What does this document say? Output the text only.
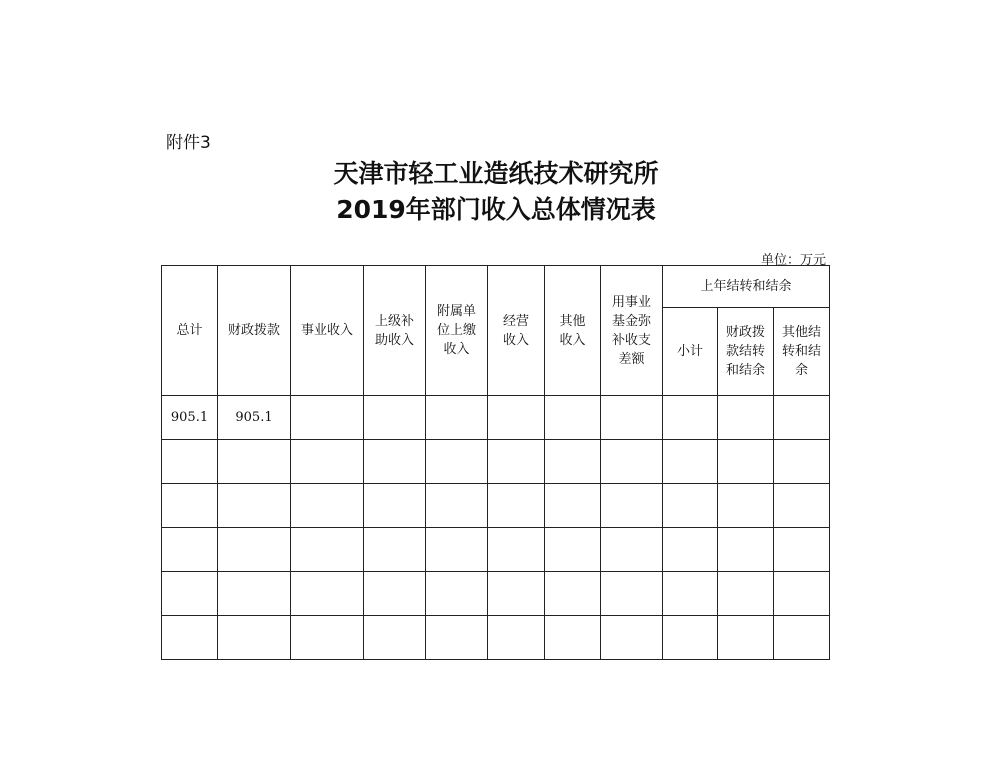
附件3
天津市轻工业造纸技术研究所
2019年部门收入总体情况表
单位：万元
总计	财政拨款	事业收入	上级补
助收入	附属单
位上缴
收入	经营
收入	其他
收入	用事业
基金弥
补收支
差额	上年结转和结余		
								小计	财政拨
款结转
和结余	其他结
转和结
余
905.1	905.1									
